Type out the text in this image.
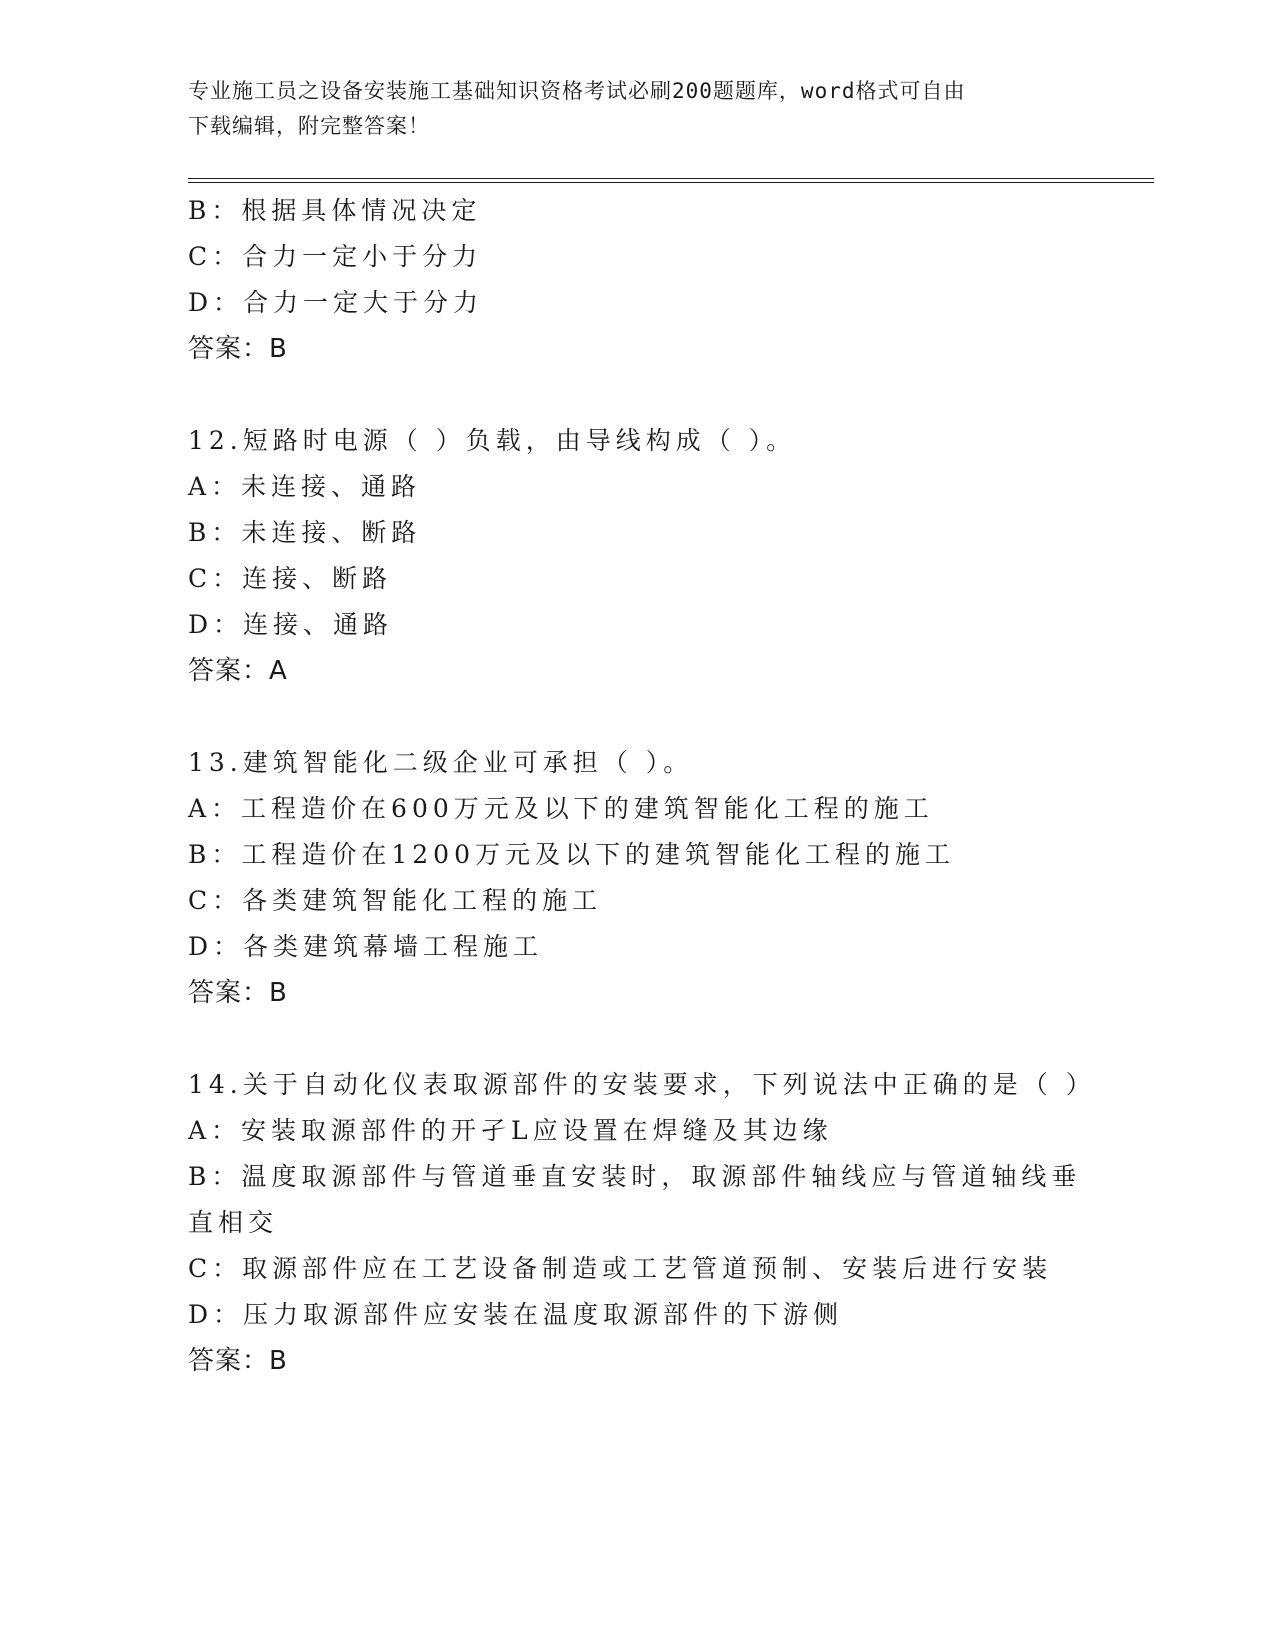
专业施工员之设备安装施工基础知识资格考试必刷200题题库，word格式可自由
下载编辑，附完整答案！
B：根据具体情况决定
C：合力一定小于分力
D：合力一定大于分力
答案：B
12.短路时电源（ ）负载，由导线构成（ ）。
A：未连接、通路
B：未连接、断路
C：连接、断路
D：连接、通路
答案：A
13.建筑智能化二级企业可承担（ ）。
A：工程造价在600万元及以下的建筑智能化工程的施工
B：工程造价在1200万元及以下的建筑智能化工程的施工
C：各类建筑智能化工程的施工
D：各类建筑幕墙工程施工
答案：B
14.关于自动化仪表取源部件的安装要求，下列说法中正确的是（ ）
A：安装取源部件的开孑L应设置在焊缝及其边缘
B：温度取源部件与管道垂直安装时，取源部件轴线应与管道轴线垂直相交
C：取源部件应在工艺设备制造或工艺管道预制、安装后进行安装
D：压力取源部件应安装在温度取源部件的下游侧
答案：B
